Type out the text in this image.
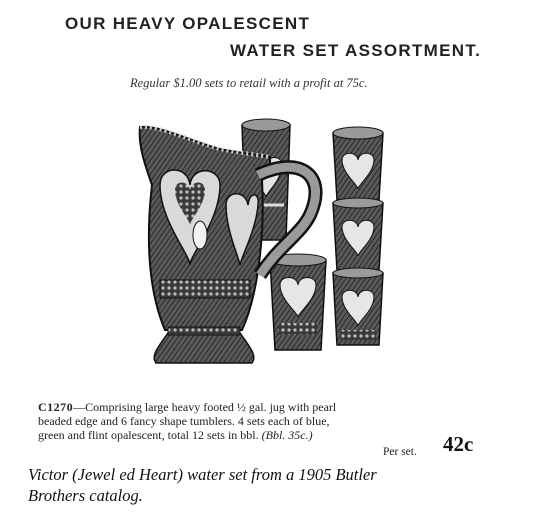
OUR HEAVY OPALESCENT
WATER SET ASSORTMENT.
Regular $1.00 sets to retail with a profit at 75c.
C1270—Comprising large heavy footed ½ gal. jug with pearl
beaded edge and 6 fancy shape tumblers. 4 sets each of blue,
green and flint opalescent, total 12 sets in bbl. (Bbl. 35c.)	42c
Per set.
Victor (Jewel ed Heart) water set from a 1905 Butler
Brothers catalog.
